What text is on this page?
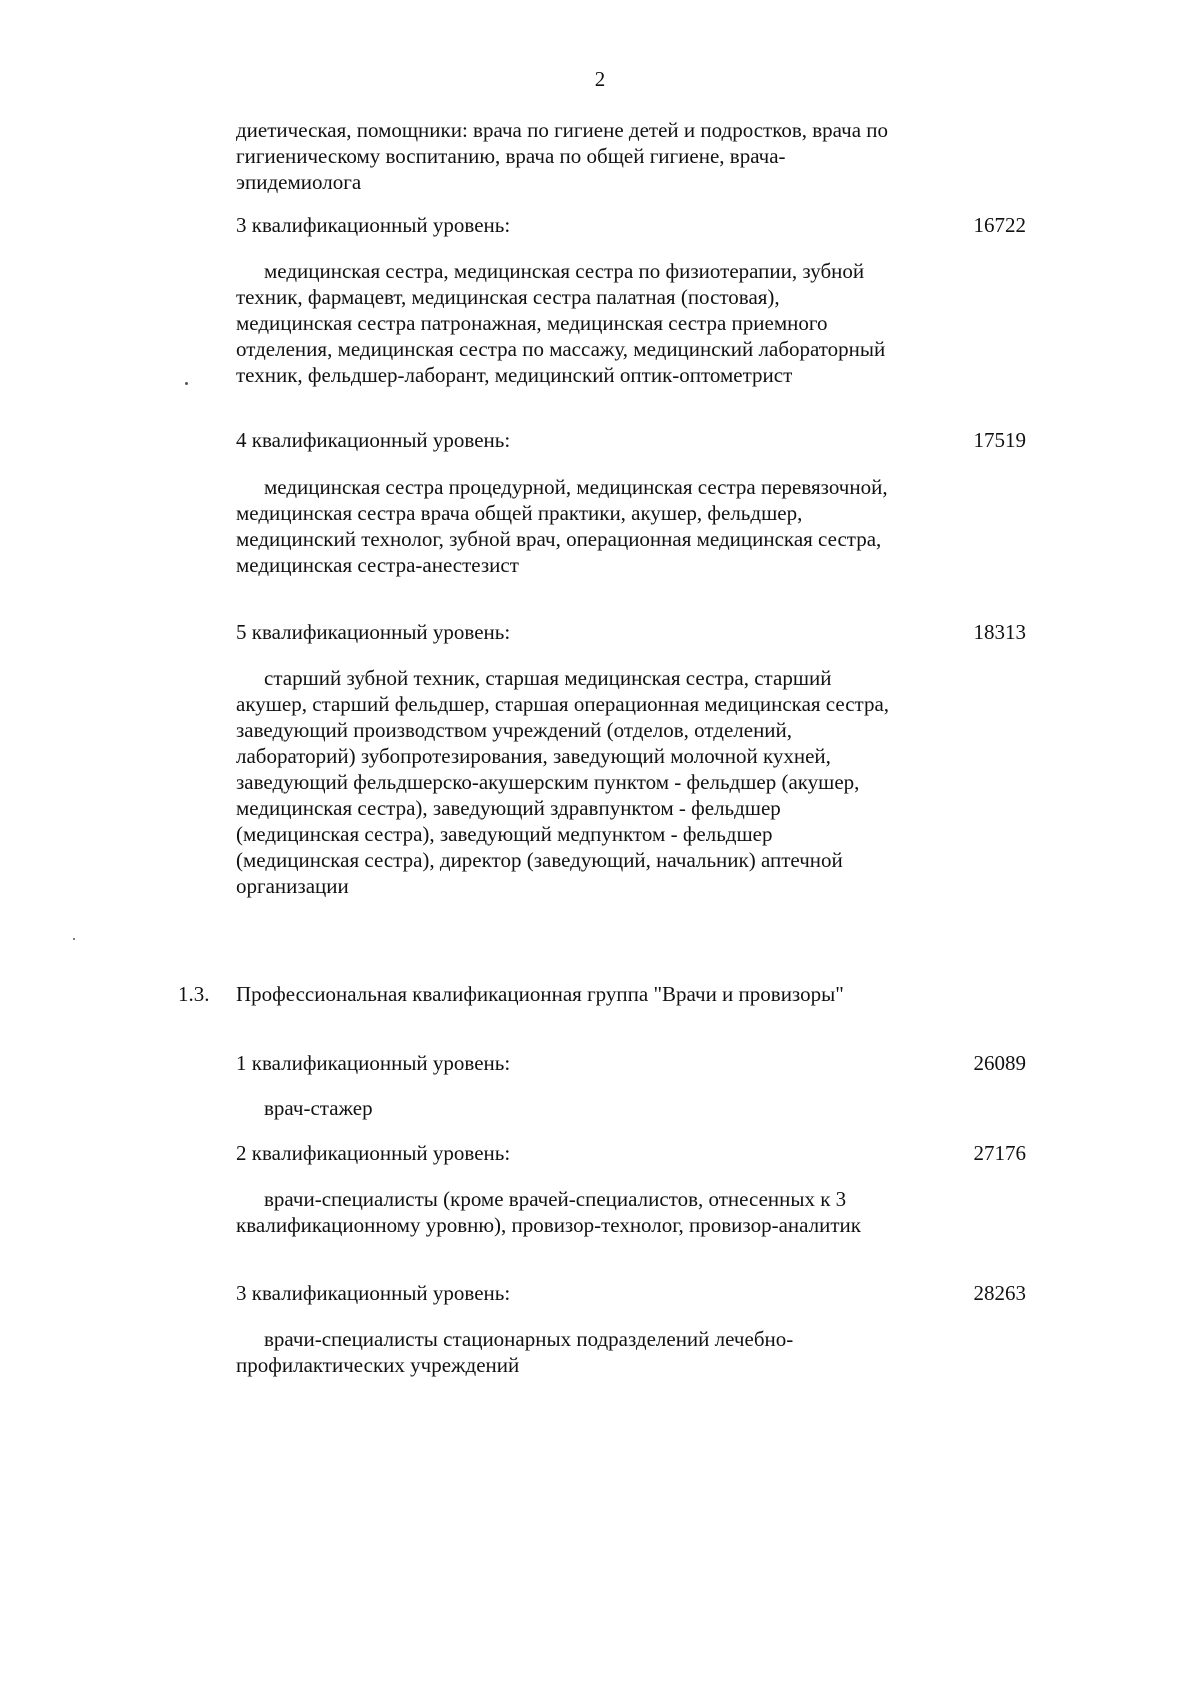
2
диетическая, помощники: врача по гигиене детей и подростков, врача по гигиеническому воспитанию, врача по общей гигиене, врача-эпидемиолога
3 квалификационный уровень:	16722
медицинская сестра, медицинская сестра по физиотерапии, зубной техник, фармацевт, медицинская сестра палатная (постовая), медицинская сестра патронажная, медицинская сестра приемного отделения, медицинская сестра по массажу, медицинский лабораторный техник, фельдшер-лаборант, медицинский оптик-оптометрист
4 квалификационный уровень:	17519
медицинская сестра процедурной, медицинская сестра перевязочной, медицинская сестра врача общей практики, акушер, фельдшер, медицинский технолог, зубной врач, операционная медицинская сестра, медицинская сестра-анестезист
5 квалификационный уровень:	18313
старший зубной техник, старшая медицинская сестра, старший акушер, старший фельдшер, старшая операционная медицинская сестра, заведующий производством учреждений (отделов, отделений, лабораторий) зубопротезирования, заведующий молочной кухней, заведующий фельдшерско-акушерским пунктом - фельдшер (акушер, медицинская сестра), заведующий здравпунктом - фельдшер (медицинская сестра), заведующий медпунктом - фельдшер (медицинская сестра), директор (заведующий, начальник) аптечной организации
1.3. Профессиональная квалификационная группа "Врачи и провизоры"
1 квалификационный уровень:	26089
врач-стажер
2 квалификационный уровень:	27176
врачи-специалисты (кроме врачей-специалистов, отнесенных к 3 квалификационному уровню), провизор-технолог, провизор-аналитик
3 квалификационный уровень:	28263
врачи-специалисты стационарных подразделений лечебно-профилактических учреждений
